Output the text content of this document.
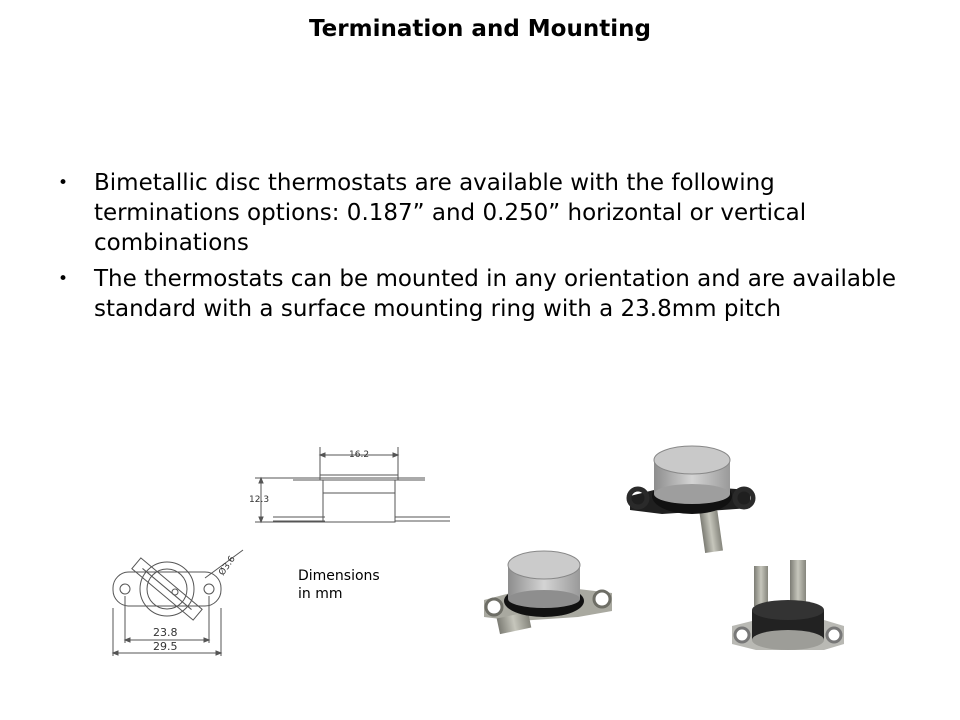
Termination and Mounting
• Bimetallic disc thermostats are available with the following terminations options: 0.187” and 0.250” horizontal or vertical combinations
• The thermostats can be mounted in any orientation and are available standard with a surface mounting ring with a 23.8mm pitch
16.2
12.3
Ø3.6
23.8
29.5
Dimensions
in mm
